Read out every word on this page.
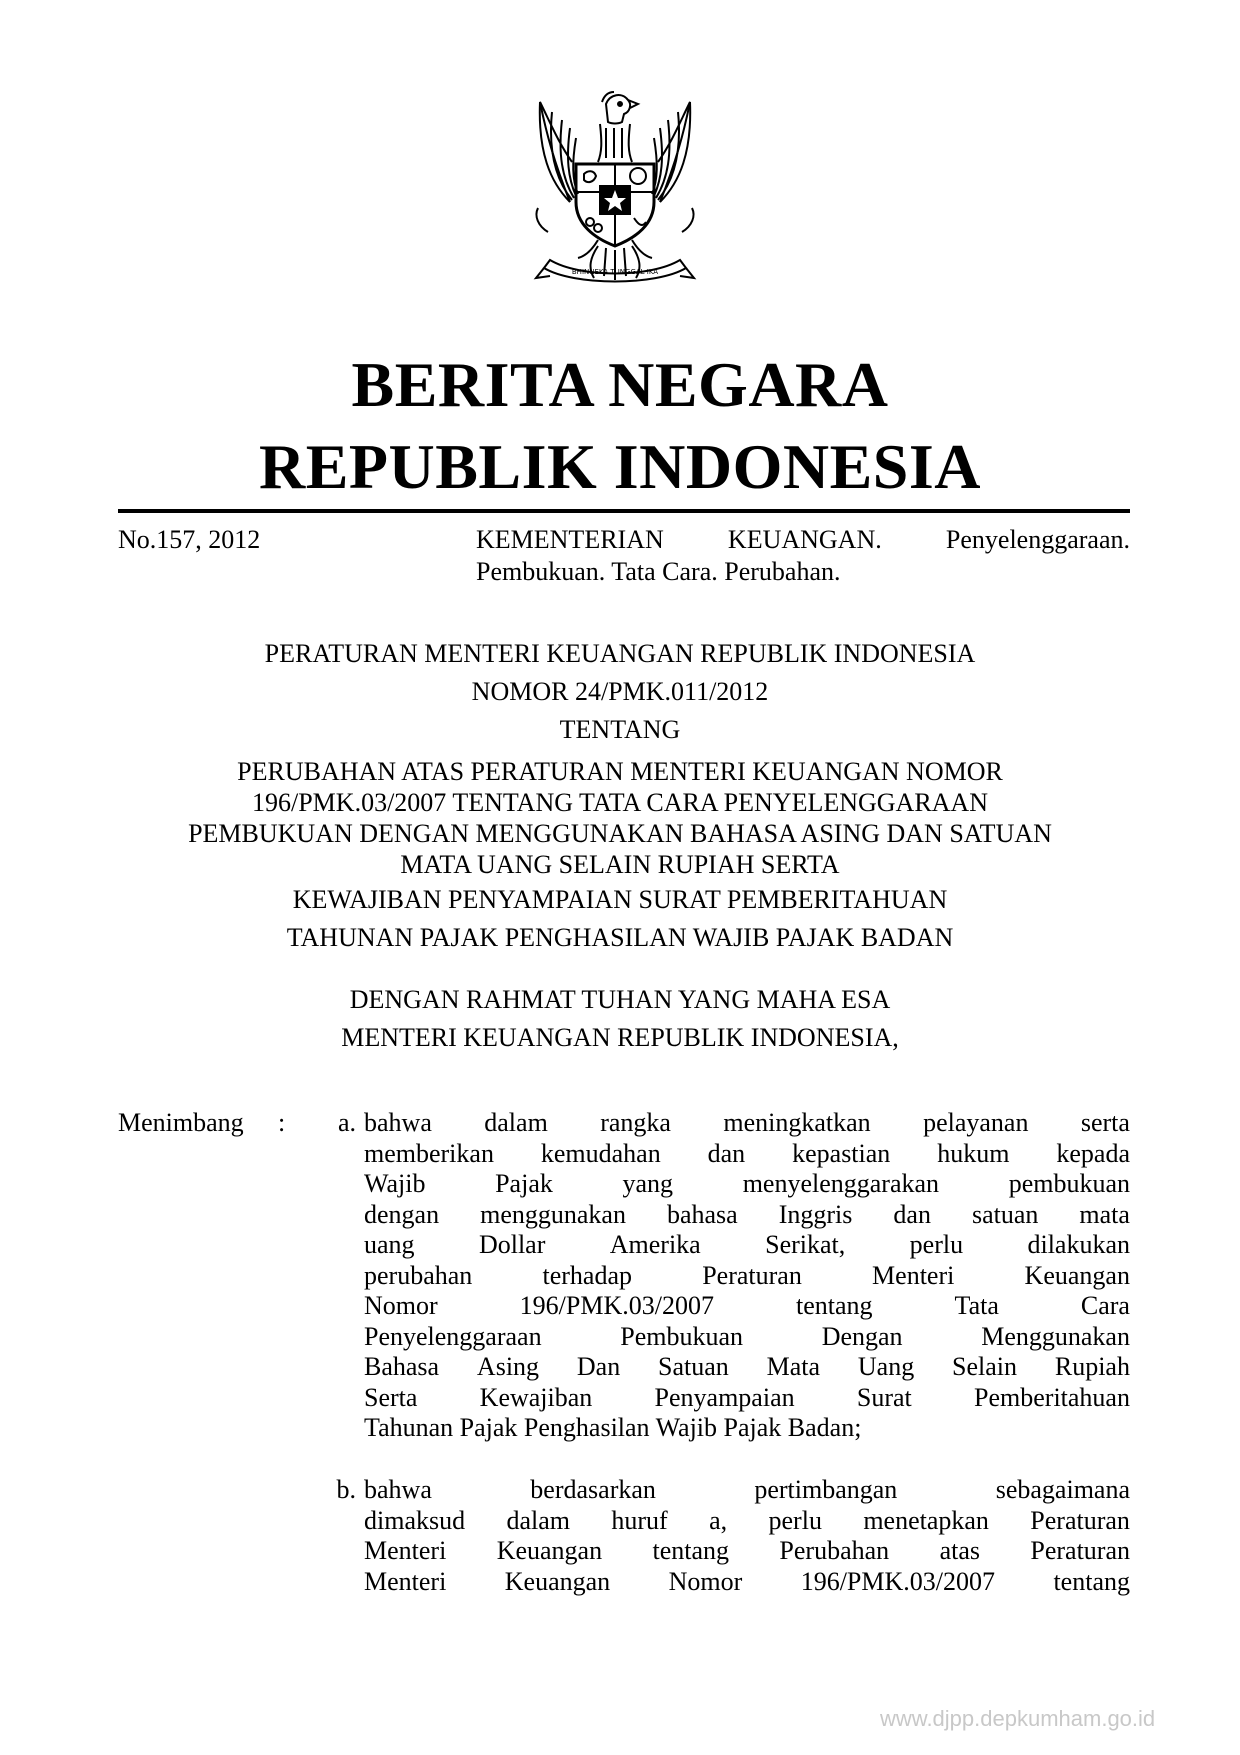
BHINNEKA TUNGGAL IKA
BERITA NEGARA
REPUBLIK INDONESIA
No.157, 2012	KEMENTERIAN KEUANGAN. Penyelenggaraan.
Pembukuan. Tata Cara. Perubahan.
PERATURAN MENTERI KEUANGAN REPUBLIK INDONESIA
NOMOR 24/PMK.011/2012
TENTANG
PERUBAHAN ATAS PERATURAN MENTERI KEUANGAN NOMOR
196/PMK.03/2007 TENTANG TATA CARA PENYELENGGARAAN
PEMBUKUAN DENGAN MENGGUNAKAN BAHASA ASING DAN SATUAN
MATA UANG SELAIN RUPIAH SERTA
KEWAJIBAN PENYAMPAIAN SURAT PEMBERITAHUAN
TAHUNAN PAJAK PENGHASILAN WAJIB PAJAK BADAN
DENGAN RAHMAT TUHAN YANG MAHA ESA
MENTERI KEUANGAN REPUBLIK INDONESIA,
Menimbang :	a. bahwa dalam rangka meningkatkan pelayanan serta
memberikan kemudahan dan kepastian hukum kepada
Wajib	Pajak	yang	menyelenggarakan	pembukuan
dengan menggunakan bahasa Inggris dan satuan mata
uang Dollar Amerika Serikat, perlu dilakukan
perubahan	terhadap	Peraturan	Menteri	Keuangan
Nomor	196/PMK.03/2007	tentang	Tata	Cara
Penyelenggaraan	Pembukuan	Dengan	Menggunakan
Bahasa Asing Dan Satuan Mata Uang Selain Rupiah
Serta Kewajiban Penyampaian Surat Pemberitahuan
Tahunan Pajak Penghasilan Wajib Pajak Badan;
b. bahwa	berdasarkan	pertimbangan	sebagaimana
dimaksud dalam huruf a, perlu menetapkan Peraturan
Menteri Keuangan tentang Perubahan atas Peraturan
Menteri Keuangan Nomor 196/PMK.03/2007 tentang
www.djpp.depkumham.go.id
